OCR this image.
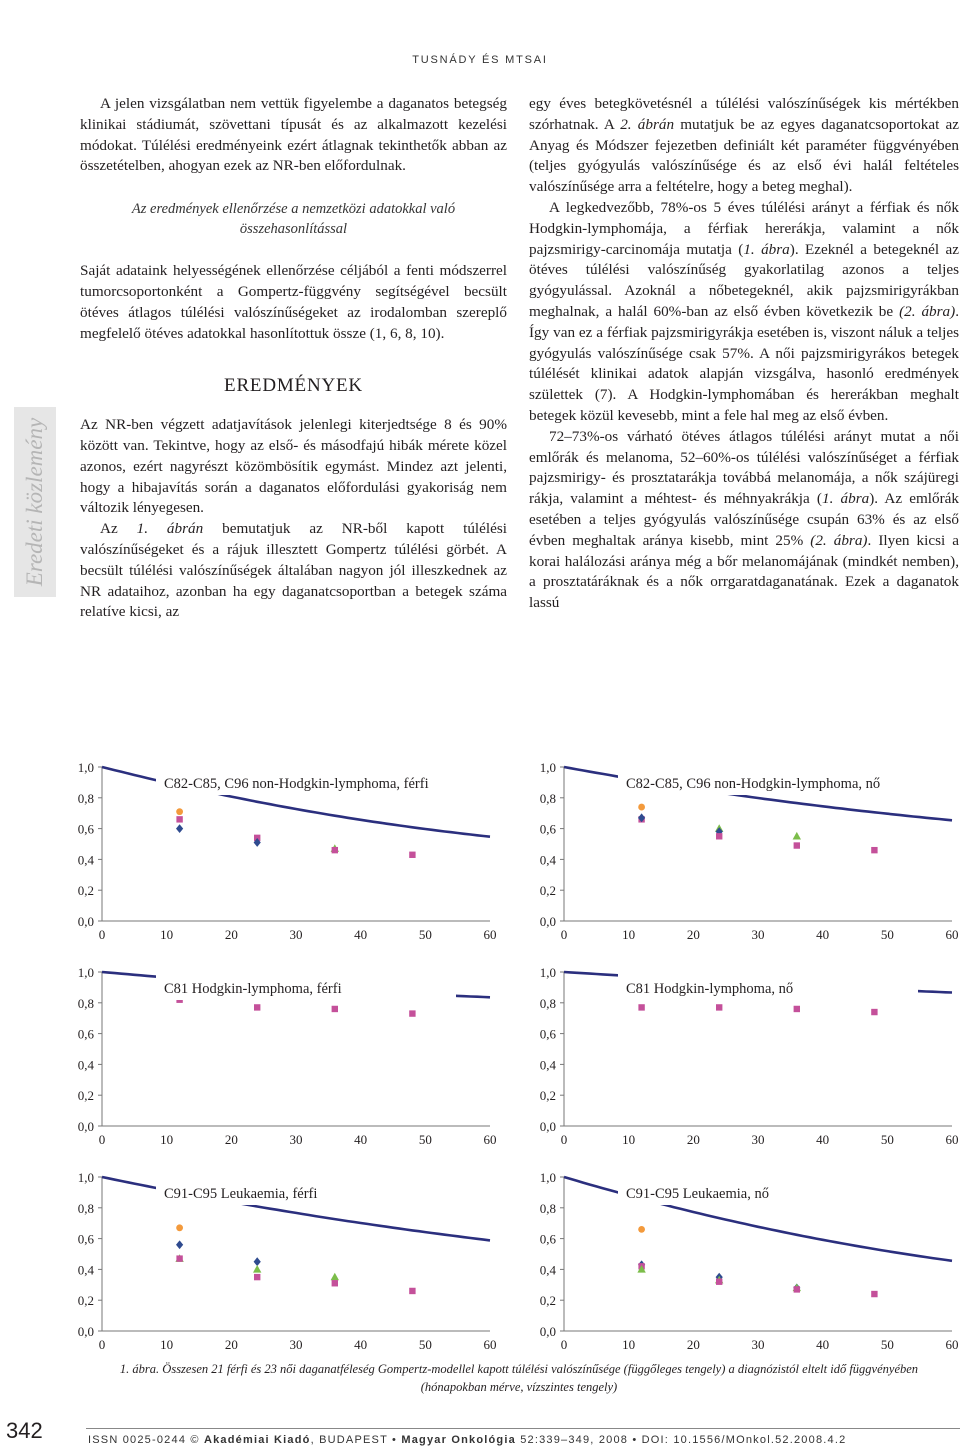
TUSNÁDY ÉS MTSAI
Eredeti közlemény

A jelen vizsgálatban nem vettük figyelembe a daganatos betegség klinikai stádiumát, szövettani típusát és az alkalmazott kezelési módokat. Túlélési eredményeink ezért átlagnak tekinthetők abban az összetételben, ahogyan ezek az NR-ben előfordulnak.

Az eredmények ellenőrzése a nemzetközi adatokkal való összehasonlítással

Saját adataink helyességének ellenőrzése céljából a fenti módszerrel tumorcsoportonként a Gompertz-függvény segítségével becsült ötéves átlagos túlélési valószínűségeket az irodalomban szereplő megfelelő ötéves adatokkal hasonlítottuk össze (1, 6, 8, 10).

EREDMÉNYEK

Az NR-ben végzett adatjavítások jelenlegi kiterjedtsége 8 és 90% között van. Tekintve, hogy az első- és másodfajú hibák mérete közel azonos, ezért nagyrészt közömbösítik egymást. Mindez azt jelenti, hogy a hibajavítás során a daganatos előfordulási gyakoriság nem változik lényegesen.

Az 1. ábrán bemutatjuk az NR-ből kapott túlélési valószínűségeket és a rájuk illesztett Gompertz túlélési görbét. A becsült túlélési valószínűségek általában nagyon jól illeszkednek az NR adataihoz, azonban ha egy daganatcsoportban a betegek száma relatíve kicsi, az

egy éves betegkövetésnél a túlélési valószínűségek kis mértékben szórhatnak. A 2. ábrán mutatjuk be az egyes daganatcsoportokat az Anyag és Módszer fejezetben definiált két paraméter függvényében (teljes gyógyulás valószínűsége és az első évi halál feltételes valószínűsége arra a feltételre, hogy a beteg meghal).

A legkedvezőbb, 78%-os 5 éves túlélési arányt a férfiak és nők Hodgkin-lymphomája, a férfiak hererákja, valamint a nők pajzsmirigy-carcinomája mutatja (1. ábra). Ezeknél a betegeknél az ötéves túlélési valószínűség gyakorlatilag azonos a teljes gyógyulással. Azoknál a nőbetegeknél, akik pajzsmirigyrákban meghalnak, a halál 60%-ban az első évben következik be (2. ábra). Így van ez a férfiak pajzsmirigyrákja esetében is, viszont náluk a teljes gyógyulás valószínűsége csak 57%. A női pajzsmirigyrákos betegek túlélését klinikai adatok alapján vizsgálva, hasonló eredmények születtek (7). A Hodgkin-lymphomában és hererákban meghalt betegek közül kevesebb, mint a fele hal meg az első évben.

72–73%-os várható ötéves átlagos túlélési arányt mutat a női emlőrák és melanoma, 52–60%-os túlélési valószínűséget a férfiak pajzsmirigy- és prosztatarákja továbbá melanomája, a nők szájüregi rákja, valamint a méhtest- és méhnyakrákja (1. ábra). Az emlőrák esetében a teljes gyógyulás valószínűsége csupán 63% és az első évben meghaltak aránya kisebb, mint 25% (2. ábra). Ilyen kicsi a korai halálozási aránya még a bőr melanomájának (mindkét nemben), a prosztatáráknak és a nők orrgaratdaganatának. Ezek a daganatok lassú

0,0
0,2
0,4
0,6
0,8
1,0
0	10	20	30	40	50	60
C82-C85, C96 non-Hodgkin-lymphoma, férfi
0,0
0,2
0,4
0,6
0,8
1,0
0	10	20	30	40	50	60
C82-C85, C96 non-Hodgkin-lymphoma, nő
0,0
0,2
0,4
0,6
0,8
1,0
0	10	20	30	40	50	60
C81 Hodgkin-lymphoma, férfi
0,0
0,2
0,4
0,6
0,8
1,0
0	10	20	30	40	50	60
C81 Hodgkin-lymphoma, nő
0,0
0,2
0,4
0,6
0,8
1,0
0	10	20	30	40	50	60
C91-C95 Leukaemia, férfi
0,0
0,2
0,4
0,6
0,8
1,0
0	10	20	30	40	50	60
C91-C95 Leukaemia, nő
1. ábra. Összesen 21 férfi és 23 női daganatféleség Gompertz-modellel kapott túlélési valószínűsége (függőleges tengely) a diagnózistól eltelt idő függvényében (hónapokban mérve, vízszintes tengely)
342	ISSN 0025-0244 © Akadémiai Kiadó, BUDAPEST • Magyar Onkológia 52:339–349, 2008 • DOI: 10.1556/MOnkol.52.2008.4.2
